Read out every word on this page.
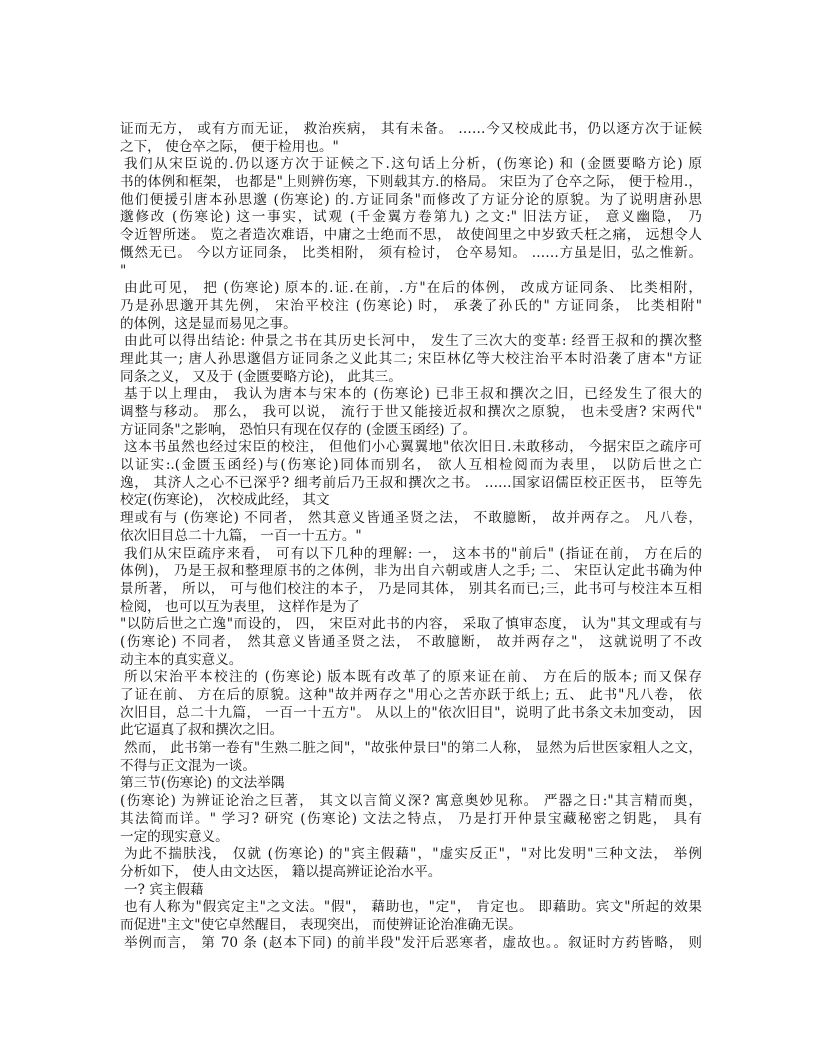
证而无方， 或有方而无证， 救治疾病， 其有未备。 ……今又校成此书，仍以逐方次于证候
之下， 使仓卒之际， 便于检用也。"
我们从宋臣说的.仍以逐方次于证候之下.这句话上分析，(伤寒论) 和 (金匮要略方论) 原
书的体例和框架， 也都是"上则辨伤寒，下则载其方.的格局。 宋臣为了仓卒之际， 便于检用.，
他们便援引唐本孙思邈 (伤寒论) 的.方证同条"而修改了方证分论的原貌。为了说明唐孙思
邈修改 (伤寒论) 这一事实，试观 (千金翼方卷第九) 之文:" 旧法方证， 意义幽隐， 乃
令近智所迷。 览之者造次难语，中庸之士绝而不思， 故使闾里之中岁致夭枉之痛， 远想令人
慨然无已。 今以方证同条， 比类相附， 须有检讨， 仓卒易知。 ……方虽是旧，弘之惟新。
"
由此可见， 把 (伤寒论) 原本的.证.在前，.方"在后的体例， 改成方证同条、 比类相附，
乃是孙思邈开其先例， 宋治平校注 (伤寒论) 时， 承袭了孙氏的" 方证同条， 比类相附"
的体例，这是显而易见之事。
由此可以得出结论: 仲景之书在其历史长河中， 发生了三次大的变革: 经晋王叔和的撰次整
理此其一; 唐人孙思邈倡方证同条之义此其二; 宋臣林亿等大校注治平本时沿袭了唐本"方证
同条之义， 又及于 (金匮要略方论)， 此其三。
基于以上理由， 我认为唐本与宋本的 (伤寒论) 已非王叔和撰次之旧，已经发生了很大的
调整与移动。 那么， 我可以说， 流行于世又能接近叔和撰次之原貌， 也未受唐? 宋两代"
方证同条"之影响， 恐怕只有现在仅存的 (金匮玉函经) 了。
这本书虽然也经过宋臣的校注， 但他们小心翼翼地"依次旧日.未敢移动， 今据宋臣之疏序可
以证实:.(金匮玉函经)与(伤寒论)同体而别名， 欲人互相检阅而为表里， 以防后世之亡
逸， 其济人之心不已深乎? 细考前后乃王叔和撰次之书。 ……国家诏儒臣校正医书， 臣等先
校定(伤寒论)， 次校成此经， 其文
理或有与 (伤寒论) 不同者， 然其意义皆通圣贤之法， 不敢臆断， 故并两存之。 凡八卷，
依次旧目总二十九篇， 一百一十五方。"
我们从宋臣疏序来看， 可有以下几种的理解: 一， 这本书的"前后" (指证在前， 方在后的
体例)， 乃是王叔和整理原书的之体例，非为出自六朝或唐人之手; 二、 宋臣认定此书确为仲
景所著， 所以， 可与他们校注的本子， 乃是同其体， 别其名而已;三，此书可与校注本互相
检阅， 也可以互为表里， 这样作是为了
"以防后世之亡逸"而设的， 四， 宋臣对此书的内容， 采取了慎审态度， 认为"其文理或有与
(伤寒论) 不同者， 然其意义皆通圣贤之法， 不敢臆断， 故并两存之"， 这就说明了不改
动主本的真实意义。
所以宋治平本校注的 (伤寒论) 版本既有改革了的原来证在前、 方在后的版本; 而又保存
了证在前、 方在后的原貌。这种"故并两存之"用心之苦亦跃于纸上; 五、 此书"凡八卷， 依
次旧目，总二十九篇， 一百一十五方"。 从以上的"依次旧目"，说明了此书条文未加变动， 因
此它逼真了叔和撰次之旧。
然而， 此书第一卷有"生熟二脏之间"，"故张仲景曰"的第二人称， 显然为后世医家粗人之文，
不得与正文混为一谈。
第三节(伤寒论) 的文法举隅
(伤寒论) 为辨证论治之巨著， 其文以言简义深? 寓意奥妙见称。 严器之日:"其言精而奥，
其法简而详。" 学习? 研究 (伤寒论) 文法之特点， 乃是打开仲景宝藏秘密之钥匙， 具有
一定的现实意义。
为此不揣肤浅， 仅就 (伤寒论) 的"宾主假藉"，"虚实反正"，"对比发明"三种文法， 举例
分析如下， 使人由文达医， 籍以提高辨证论治水平。
一? 宾主假藉
也有人称为"假宾定主"之文法。"假"， 藉助也，"定"， 肯定也。 即藉助。宾文"所起的效果
而促进"主文"使它卓然醒目， 表现突出， 而使辨证论治准确无误。
举例而言， 第 70 条 (赵本下同) 的前半段"发汗后恶寒者，虚故也。。叙证时方药皆略， 则
